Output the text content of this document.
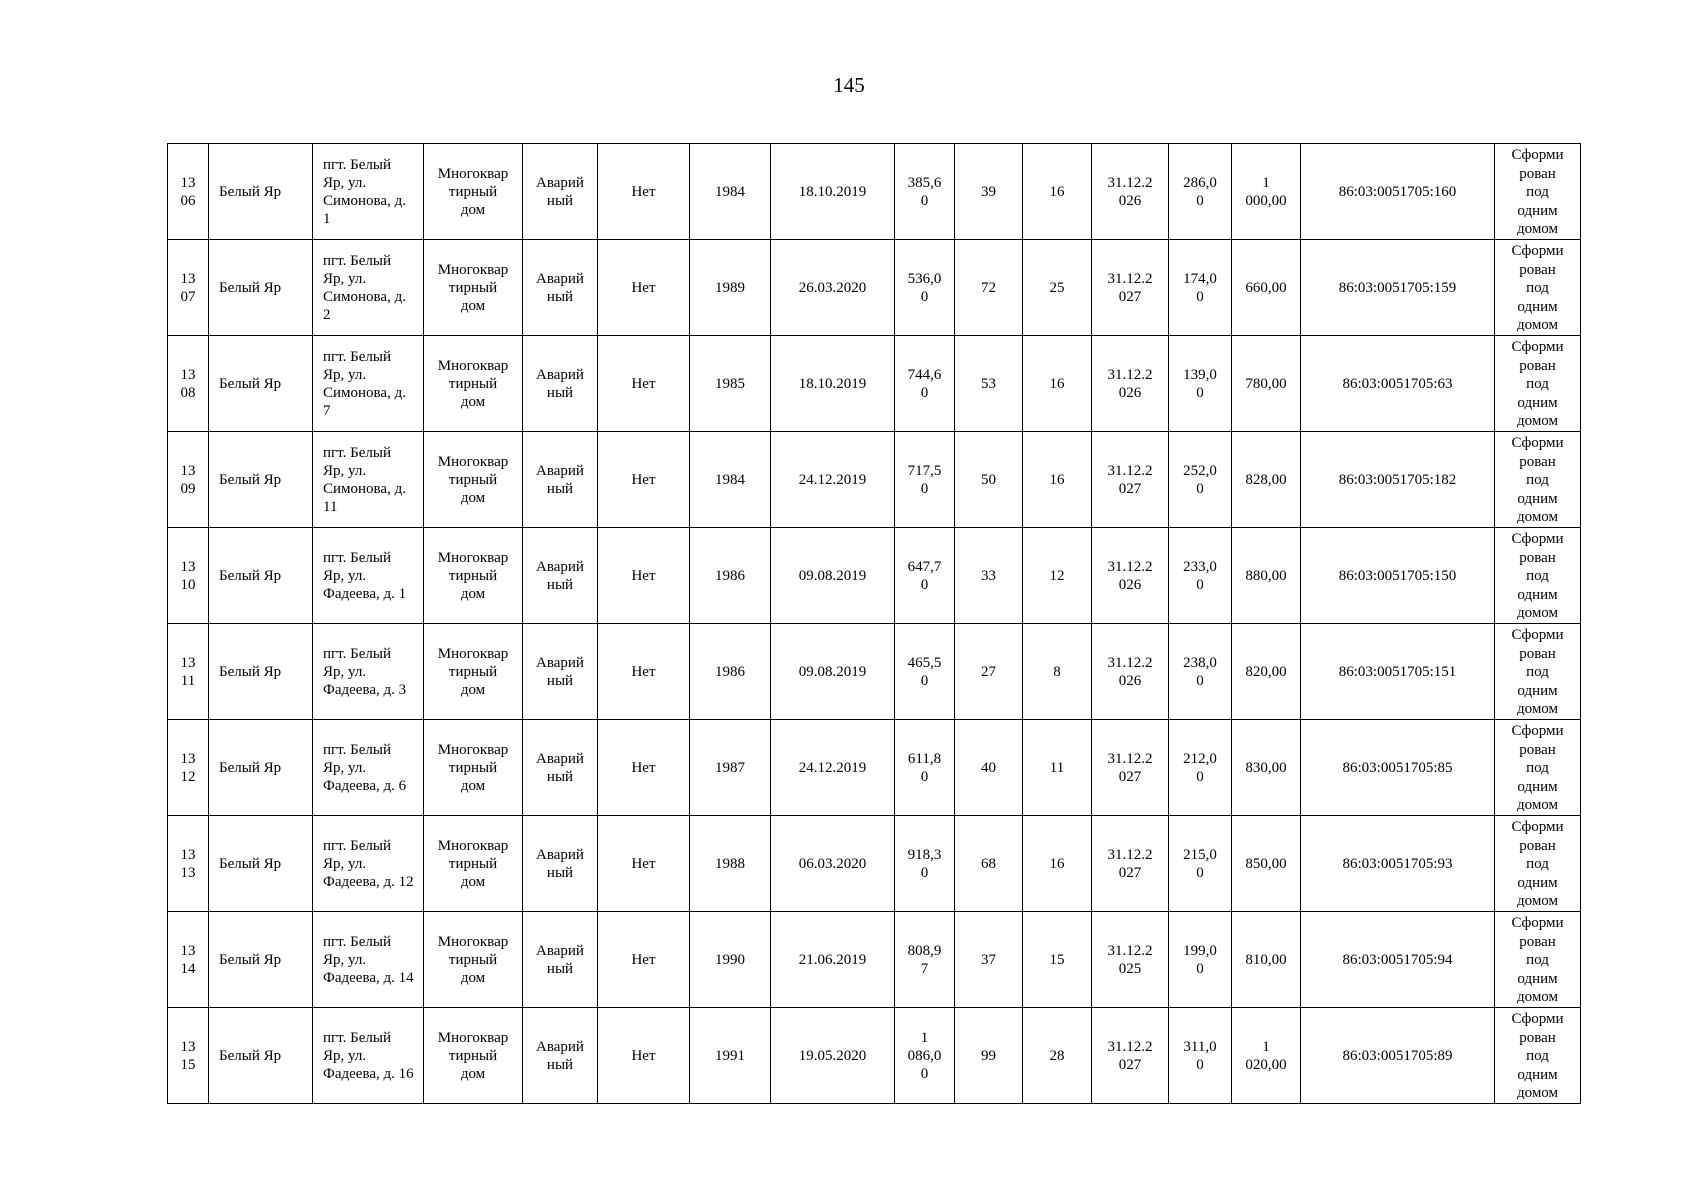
145
13
06	Белый Яр	пгт. Белый Яр, ул. Симонова, д. 1	Многоквар
тирный
дом	Аварий
ный	Нет	1984	18.10.2019	385,6
0	39	16	31.12.2
026	286,0
0	1
000,00	86:03:0051705:160	Сформи
рован
под
одним
домом

13
07	Белый Яр	пгт. Белый Яр, ул. Симонова, д. 2	Многоквар
тирный
дом	Аварий
ный	Нет	1989	26.03.2020	536,0
0	72	25	31.12.2
027	174,0
0	660,00	86:03:0051705:159	Сформи
рован
под
одним
домом

13
08	Белый Яр	пгт. Белый Яр, ул. Симонова, д. 7	Многоквар
тирный
дом	Аварий
ный	Нет	1985	18.10.2019	744,6
0	53	16	31.12.2
026	139,0
0	780,00	86:03:0051705:63	Сформи
рован
под
одним
домом

13
09	Белый Яр	пгт. Белый Яр, ул. Симонова, д. 11	Многоквар
тирный
дом	Аварий
ный	Нет	1984	24.12.2019	717,5
0	50	16	31.12.2
027	252,0
0	828,00	86:03:0051705:182	Сформи
рован
под
одним
домом

13
10	Белый Яр	пгт. Белый Яр, ул. Фадеева, д. 1	Многоквар
тирный
дом	Аварий
ный	Нет	1986	09.08.2019	647,7
0	33	12	31.12.2
026	233,0
0	880,00	86:03:0051705:150	Сформи
рован
под
одним
домом

13
11	Белый Яр	пгт. Белый Яр, ул. Фадеева, д. 3	Многоквар
тирный
дом	Аварий
ный	Нет	1986	09.08.2019	465,5
0	27	8	31.12.2
026	238,0
0	820,00	86:03:0051705:151	Сформи
рован
под
одним
домом

13
12	Белый Яр	пгт. Белый Яр, ул. Фадеева, д. 6	Многоквар
тирный
дом	Аварий
ный	Нет	1987	24.12.2019	611,8
0	40	11	31.12.2
027	212,0
0	830,00	86:03:0051705:85	Сформи
рован
под
одним
домом

13
13	Белый Яр	пгт. Белый Яр, ул. Фадеева, д. 12	Многоквар
тирный
дом	Аварий
ный	Нет	1988	06.03.2020	918,3
0	68	16	31.12.2
027	215,0
0	850,00	86:03:0051705:93	Сформи
рован
под
одним
домом

13
14	Белый Яр	пгт. Белый Яр, ул. Фадеева, д. 14	Многоквар
тирный
дом	Аварий
ный	Нет	1990	21.06.2019	808,9
7	37	15	31.12.2
025	199,0
0	810,00	86:03:0051705:94	Сформи
рован
под
одним
домом

13
15	Белый Яр	пгт. Белый Яр, ул. Фадеева, д. 16	Многоквар
тирный
дом	Аварий
ный	Нет	1991	19.05.2020	1
086,0
0	99	28	31.12.2
027	311,0
0	1
020,00	86:03:0051705:89	Сформи
рован
под
одним
домом
